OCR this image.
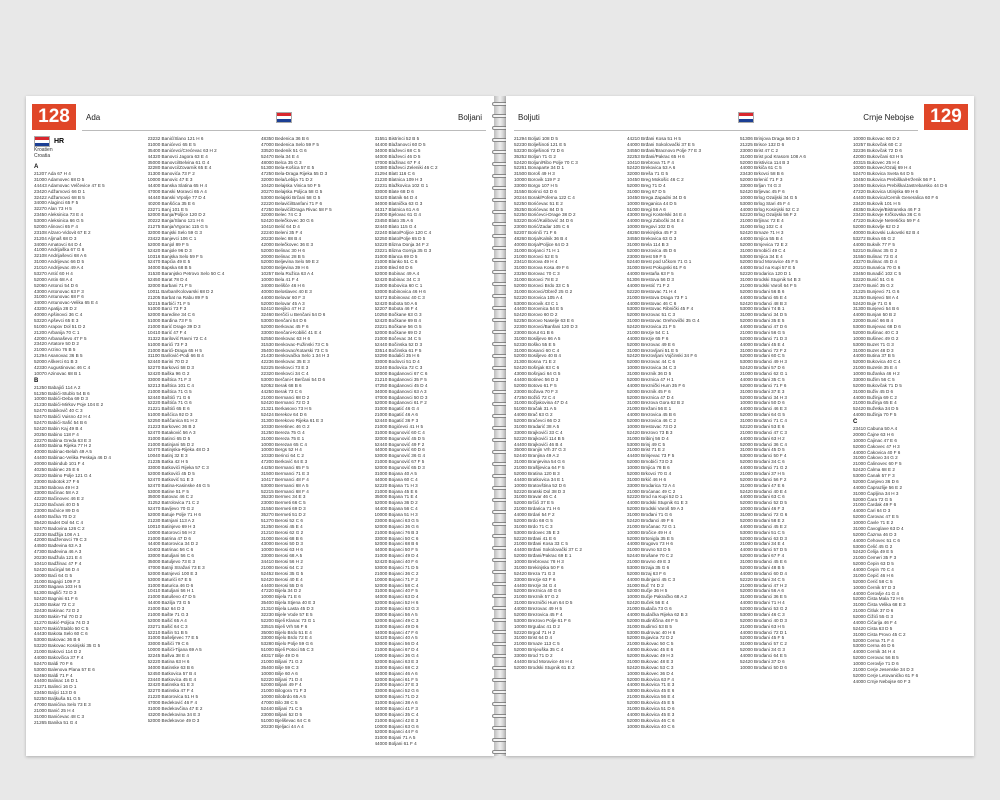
128	Ada	Boljani
HR
Kroatien
Croatia
A
21207 Ada 67 H 4
31000 Adamovec 68 D 5
44443 Adamovac Velčevice 47 E 5
23420 Adžamovci 66 D 1
32422 Adžamovci 68 B 5
34000 Alaginci 65 F 5
32270 Alan 73 H 5
23450 Aleksinica 73 E 4
53000 Aleksinica 66 G 5
52000 Alinovci 65 F 4
23108 Alzaro-Vidovit 67 E 2
21204 Aljmaš 68 D 3
34000 Amatovci 64 D 4
41000 Andrijaška 67 G 6
32108 Andrijaševci 68 A 6
31000 Andrijevac 66 D 5
21010 Andrijevac 49 A 4
53270 Antić 60 H 4
52000 Antin 68 A 4
52060 Antonci 54 D 6
43000 Antonovac 63 F 3
31000 Antunovac 68 F 6
34000 Antunovac-Velika 65 E 4
43200 Apatija 28 D 2
40000 Apšinovci 36 C 4
53220 Apševci 65 E 3
51000 Arapov Dol 51 D 2
21200 Arbanija 70 C 1
42000 Arbanaševo 47 F 5
23420 Artatore 50 D 2
21000 Arzino 76 B 5
21294 Asanovac 36 B 5
52000 Aškerci 61 B 3
42330 Augustinovac 46 C 4
10070 Azinovac 68 B 1
B
21250 Babajići 114 A 2
51250 Babići-Stublo 54 B 6
10000 Babići-Deba 69 D 3
21230 Babići-Mirkov Poje 104 E 2
52470 Babikoviĉ 40 C 3
52470 Babići Vuisno 42 H 4
52470 Babići-Safić 54 B 6
52420 Babin Kaj 49 B 4
20250 Babino 118 F 4
22270 Babina Greda 63 E 3
44400 Babina Rijeka 77 H 2
40000 Babinac-Belah 49 A 5
44400 Babinac-Velika Peskaja 46 D 4
20000 Babindub 101 F 4
40250 Babinec 25 E 6
20220 Babino Polje 121 G 4
23000 Babotok 27 F 6
31250 Babova 49 H 3
33000 Bačinac 58 A 2
42220 Bačinovec 46 E 2
21220 Bačvani 40 D 5
23000 Bačvice 89 D 6
44400 Bačka 70 D 2
35420 Badet Dol 64 C 4
52470 Badovina 126 C 2
22230 Badžija 108 A 1
42000 Badženovci 79 C 3
44500 Bađevina 63 A 3
47300 Bađevina 46 A 3
20230 Badžula 121 E 4
10410 Badžinac 47 F 4
52420 Baćinjal 56 D 4
10000 Baći 64 G 5
31000 Bagajci 109 F 3
21000 Bagava 103 H 5
51300 Bagliči 72 D 3
52420 Bagnini 61 F 6
21300 Bakar 72 C 2
32430 Bakinac 72 D 2
31000 Bakin-Tul 70 D 2
21270 Bakić-Poljica 74 D 3
52470 Bakić/Stablo 50 C 5
44430 Bakota Selo 60 C 6
53000 Bakovac 36 B 6
53220 Bakovac Kosinjski 35 G 5
21000 Bakovci 114 D 2
44000 Bakovčica 37 F 4
52470 Baldi 70 F 6
53000 Balenova Plana 57 E 6
52460 Baldi 71 F 4
44400 Balinac 16 D 1
21271 Balinci 16 D 1
23450 Baljci 113 D 6
52250 Baljkuša 51 G 5
47000 Banićina Selo 73 E 3
21000 Banić 25 H 4
31000 Banićevac 48 C 3
21265 Banika 51 G 4
23232 Banić/Slano 121 H 6
31000 Banićevci 65 E 5
35400 Banićevci/Crećevac 63 H 2
44320 Banovci Jagora 63 E 4
35000 Banovci/Belvina 61 G 4
32280 Banovci/Zovarnik 65 E 4
31300 Banovića 73 F 2
10000 Banovic 47 E 3
44400 Banska Slatina 65 H 4
47000 Banski Moravci 65 A 4
44440 Banski Vrpolje 77 D 4
40200 Banšćica 35 E 6
23271 Banj 101 E 5
52000 Banja/Poljice 120 D 2
20222 Banja/Slano 121 H 6
21275 Banja/Vrgorac 115 G 5
32000 Banjski Selo 59 G 3
23422 Banjevci 106 C 1
52000 Banjol 89 F 5
52420 Banjole 96 D 3
10316 Banjska Selo 59 F 5
52470 Bapćia 49 E 5
34000 Bapska 68 B 5
31530 Baranjsko Petrovo Selo 50 C 4
52450 Barat 78 D 4
32000 Barbani 71 F 5
10011 Barban/Kolovarski 68 D 2
21205 Barbat na Rabu 89 F 5
52215 Barbići 71 F 5
51000 Barci 73 F 3
52000 Baredine 34 C 6
51000 Bardina 73 F 5
21000 Barić Drage 39 D 3
10410 Barić 47 F 4
31322 Barilović Ravni 72 C 4
51000 Barići 73 F 3
21000 Barići-Draga 65 H 5
31100 Barilović-Podi 66 B 4
52440 Barini 70 D 2
52270 Barkovci 58 D 3
52420 Baška 96 G 2
33000 Baštica 71 F 3
52213 Baštica 101 C 4
21000 Baštica 71 G 5
52440 Baštići 71 G 6
52220 Baštića 71 G 6
21221 Baštići 65 E 6
51000 Bašćica 92 D 3
52250 Baščanica 81 H 2
21223 Barkovec 36 B 2
52470 Bataković 56 A 3
31000 Batinci 65 D 5
21000 Batinjani 55 D 2
52470 Batinjska-Rijeka 48 D 3
10040 Batinj 32 E 3
21235 Batka 42 H 5
33000 Batkovići Rijeka 57 C 3
52000 Batkovići 45 D 5
52470 Batković 51 E 3
52470 Batina-Kasinske 46 G 5
53000 Batine 51 F 5
35000 Batovac 46 C 2
31252 Batrolovica 71 C 2
52470 Bavljevo 70 G 2
52000 Batuje Polje 71 H 6
21230 Batnjani 113 A 2
10010 Batinjevo 69 H 3
10000 Batorovci 56 H 2
21000 Batrina 47 D 6
44400 Batorovica 34 D 2
10403 Batrinac 56 C 6
33000 Batuljani 56 C 6
35000 Batuljevo 73 E 3
47000 Batnji Stražari 73 E 3
52000 Batnjevci 100 E 3
53000 Baturići 67 E 5
31000 Baturica 46 D 6
10410 Batuljani 56 H 1
21000 Batuševo 47 D 5
44400 Bazilja 73 G 5
21000 Baz 64 D 3
21000 Bašte 71 G 3
52000 Bašić 65 A 4
23271 Bašić 64 C 3
52210 Bašin 51 B 5
31000 Bašeljevec 77 E 5
33000 Bašići 79 C 6
10000 Bašići-Tijana 69 A 5
32245 Bašva 38 E 4
52220 Batina 63 H 6
34000 Batinske 63 B 6
52450 Batkovica 57 B 4
23440 Batkovica 45 E 4
32420 Batinska 61 E 3
32270 Batinska 47 F 4
21220 Batorovica 51 H 5
47000 Bedeković 46 F 4
31000 Bedekovčina 47 E 2
43200 Bedekovina 34 E 3
52000 Bedekovoe 49 D 3
48350 Bedenica 36 B 6
47000 Bedenica Selo 59 F 5
33520 Bedenik 51 G 6
52470 Bela 34 E 4
48000 Belca 35 G 3
51300 Bela-Košica 57 E 5
47250 Bela-Draga Rijeka 55 D 3
32000 Bela/Lebija 71 D 2
10420 Belajska Vinica 50 F 5
20270 Belajska Poljica 58 G 5
53000 Belajski Brčani 58 G 5
22220 Belavići/Banfani 71 F 6
47250 Belavići/Draga Rivac 58 F 5
32000 Belec 74 C 3
52420 Belečkovec 30 G 6
10410 Belić 64 D 4
22240 Beleni 35 F 4
20230 Belec 88 B 4
42000 Belečkovec 36 E 3
52000 Belinac 30 H 6
20000 Belinac 28 B 5
52000 Beljevina Selo 59 E 2
52000 Beljevina 39 H 6
10257 Bela Ružica 63 A 4
10000 Bela 41 F 4
34000 Belišće 46 H 6
40000 Beloslavec 40 E 3
44000 Belovar 60 F 3
52000 Belovar 45 A 3
52410 Benjiko 47 H 2
32460 Berčići u Benčani 54 D 6
53000 Benčani 54 D 6
52000 Berkovac 45 F 6
33000 Benčani-Kobilić 41 E 4
52550 Benkovac 63 H 6
31530 Benkovac-Fužinski 73 C 5
35400 Benkovac/Kotarski 73 C 5
21430 Benkovačka Selo 1 34 H 3
42236 Benkovac 35 E 3
52225 Benkovci 73 E 3
22320 Benkovci 34 C 4
53000 Berčani-t Berčani 54 D 6
52052 Berak 68 B 6
44250 Berak 73 C 6
21000 Bermanci 68 D 2
52420 Bermanci 72 D 3
21321 Berkasovo 73 H 5
52424 Berekov 64 D 6
31300 Berekovo Rijeka 61 E 3
10330 Beretinec 46 G 2
31250 Bereza 75 G 4
31000 Bereza 75 E 1
10000 Berezan 65 C 4
10000 Bergs 52 H 4
10330 Berinci 64 C 2
47200 Berković 64 E 3
44250 Bermanci 65 F 5
31500 Bermanci 71 E 3
10417 Bermanci 48 F 4
53000 Bermanci 68 A 5
52215 Bermanci 68 F 4
35230 Bermec 34 E 3
23000 Bermeti 66 C 5
31550 Bermeti 69 D 3
35270 Bermeti 51 D 2
51270 Berosi 52 C 6
31250 Berosi 45 E 4
21210 Berosi 62 G 2
31000 Berosi 68 B 6
43000 Berosi 50 D 3
10000 Berosi 63 H 6
33000 Berosi 68 A 5
34410 Berosi 56 H 2
21000 Berosi 64 C 2
52452 Berosi 35 G 5
52420 Berosi 40 E 4
44400 Berosi 55 D 6
47220 Bijela 34 D 2
10000 Bijela 71 E 6
35400 Bijela Stjena 40 E 3
21310 Bijela Lasta 45 D 3
32230 Bijele Vode 57 E 5
52200 Bijeli Klanac 73 G 1
33515 Bijeli Vrh 56 F 6
35000 Bijelo Brdo 51 E 4
33000 Bijelo Brdo 72 E 4
53280 Bijelo Polje 59 G 6
51000 Bijeli Potoci 55 C 3
48317 Bilje 49 D 6
21000 Biljani 71 G 2
35400 Bilje 59 C 3
10000 Bilje 60 A 6
52220 Biljani 71 D 4
52000 Biljani 49 F 4
21000 Bilogora 71 F 3
10000 Bilobrdo 65 A 5
47000 Bilo 38 C 5
52440 Biljani 71 C 5
23000 Biljani 52 D 5
51000 Bjeliševac 64 C 6
20230 Bjeljaci 44 A 4
31551 Bistrinci 52 B 5
44400 Blažanovci 60 D 5
34000 Blaževci 68 C 5
44000 Blaževci 46 D 5
47000 Blažinac 67 F 4
10380 Blaževci Zeleniki 46 C 2
21294 Blatt 116 C 6
21230 Blatnica 109 H 3
22231 Blažkovica 102 G 1
33000 Blate 68 D 6
52420 Blatnik 64 D 4
34000 Blatnička 63 G 3
44317 Blatnica 61 A 6
21000 Bjelovac 61 G 4
23450 Blato 35 A 6
32440 Blato 115 G 4
22240 Blato/Poljice 120 C 4
52250 Blato/Polje 65 D 5
53220 Blizna Donja 34 F 2
23221 Blizna Gornja 35 G 3
31000 Blanca 69 D 5
21000 Blanko 51 C 6
21000 Bled 60 D 6
52000 Bobinac 49 A 4
52420 Bobinac 34 C 3
31000 Bobovica 60 C 1
53000 Bobinovica 46 H 6
52472 Bobinovac 40 C 3
52420 Bobota 50 A 6
52207 Bobota 46 F 4
10250 Bočkane 63 G 3
52420 Bočkane 69 B 4
23221 Bočkane 56 G 5
52000 Bočkane 69 D 2
21000 Bočevac 34 C 5
52440 Bočinska 52 D 3
33514 Bočinska 61 F 5
53290 Bodalići 35 H 6
33000 Bodovci 51 D 4
32240 Bodovica 72 C 3
52000 Bogdanovci 67 C 6
21210 Bogdanovci 35 F 5
47250 Bogdanovci 45 D 4
34000 Bogdanovci 63 A 3
47000 Bogdanovci 50 D 3
52000 Bogdanovci 61 F 2
31000 Bogatić 46 G 4
21000 Bogatić 46 A 6
52440 Bogatić 36 F 3
21000 Bogićevci 41 H 5
31000 Bogunović 60 C 4
32000 Bogunović 45 D 5
52440 Bogunović 49 F 2
44000 Bogunović 60 D 6
53000 Bogunović 36 G 4
21000 Bogunović 67 F 5
52000 Bogunović 65 D 3
31000 Bojana 40 A 5
44000 Bojana 60 C 4
52220 Bojana 71 H 3
21000 Bojana 45 E 6
35000 Bojana 71 E 4
52000 Bojana 36 D 2
44400 Bojana 56 C 4
10000 Bojana 51 H 3
23000 Bojanci 63 G 5
52000 Bojanci 36 G 6
21000 Bojanci 76 B 3
33000 Bojanci 50 C 6
52000 Bojanci 68 B 6
44000 Bojanci 50 F 5
31000 Bojanci 49 D 4
52420 Bojanci 40 F 6
53000 Bojanci 71 D 5
21000 Bojanci 36 C 2
10000 Bojanci 71 F 2
52000 Bojanci 58 C 4
31000 Bojanci 40 F 5
44000 Bojanci 63 D 4
52000 Bojanci 52 H 6
21000 Bojanci 63 G 3
33000 Bojanci 56 A 5
52000 Bojanci 49 C 3
31000 Bojanci 49 D 6
44000 Bojanci 47 F 6
52420 Bojanci 40 A 5
53000 Bojanci 56 D 4
21000 Bojanci 67 D 4
10000 Bojanci 36 G 4
52000 Bojanci 63 E 3
31000 Bojanci 68 C 2
44000 Bojanci 46 A 6
52000 Bojanci 61 F 5
21000 Bojanci 37 E 3
33000 Bojanci 52 G 6
52000 Bojanci 71 D 2
31000 Bojanci 38 A 6
44000 Bojanci 41 F 3
52000 Bojanci 35 C 4
21000 Bojanci 42 E 3
10000 Bojanci 63 G 6
52000 Bojanci 44 F 6
31000 Bojani 71 A 5
44000 Boljani 61 F 4
129
Boljuti	Crnje Nebojse
21294 Boljuti 108 D 5
52230 Bolješinoti 121 E 5
53230 Bolješinoti 72 D 6
35252 Boljun 71 G 2
52420 Boljun/Ribo Polje 70 C 3
52261 Bonaparte 34 D 1
31500 Boroš 49 H 3
10000 Borovik 119 F 2
33000 Borgo 107 H 5
31550 Borinci 63 D 6
20244 Borak/Poferna 122 C 4
52250 Borićevac 51 E 2
35250 Borićevac 84 D 5
52250 Borićevci-Drage 38 D 2
53220 Borić/Kalibović 34 D 6
23000 Borić/Zadar 105 C 6
52207 Borinči 71 F 6
48260 Borja/Kalnik 36 B 4
40000 Borja/Poljice 64 D 3
31000 Borjanci 71 H 1
21000 Borovci 52 E 5
23410 Borova 49 H 4
31000 Borova Kosa 49 F 6
23250 Borovac 70 C 3
31000 Borovci 78 E 2
52000 Borovci Brdo 33 C 5
31000 Borovci/Obrež 25 G 2
52220 Borovica 105 A 4
53000 Borovik 43 C 1
44400 Borovnica 54 E 5
52420 Borovo 60 D 2
52250 Borovo Naselje 63 E 6
22300 Borovci/Banfani 120 D 3
23000 Borut 61 B 6
31000 Bosiljevo 66 A 5
52330 Boško 55 E 5
31000 Bosanci 60 C 4
52000 Bosiljevo 40 B 4
21300 Bosna 71 E 2
52420 Bošnjak 83 C 6
43000 Bošnjaci 64 G 5
44400 Botinec 56 D 3
52000 Botovo 61 F 5
23000 Božava 70 F 3
47250 Božići 72 C 4
31000 Božjakovina 47 D 4
51000 Bračak 31 A 5
44000 Brač 63 G 2
52000 Bračevci 66 D 2
31000 Bradarić 38 A 5
33000 Brajkovići 33 C 4
52220 Brajkovići 114 B 5
44400 Brajkovići 46 B 4
35000 Branjin Vrh 37 G 3
52440 Branjina 49 A 2
31000 Branjevina 54 G 6
21000 Brašljevica 64 F 5
52000 Bratina 120 B 3
44400 Bratkovica 34 E 1
10000 Bratovština 52 D 6
52220 Bratski Dol 38 D 3
31000 Bravar 46 C 4
52000 Brčići 37 E 5
21000 Brdarica 71 H 6
44000 Brdari 54 F 2
52000 Brdo 68 G 5
31000 Brdo 71 C 3
53000 Brdovec 35 E 3
52220 Brđani 41 E 6
21000 Brđani Kosa 33 C 5
44400 Brđani Sokolovački 37 C 2
52000 Brđani/Pakrac 69 E 1
10000 Brebrovac 78 H 3
31000 Brekinjska 50 F 6
52420 Breza 71 G 3
33000 Brezje 63 F 6
44400 Brezje 34 G 4
52000 Breznica 40 G 6
21000 Breznik 57 G 2
31000 Breznički Hum 64 D 5
44000 Brezovac 49 H 5
52000 Brezovica 45 F 4
53000 Brezovo Polje 61 F 6
10000 Brgudac 41 D 2
52220 Brgod 71 H 2
31000 Brist 64 D 4
21000 Brnaze 113 C 5
52000 Brnjeuška 35 C 4
33000 Brod 71 D 2
44400 Brod Moravice 46 H 4
52000 Brodski Stupnik 61 E 2
44210 Brđani Kosa 51 H 5
44000 Brđani Sokolovački 37 E 5
34550 Brđani/Bracnovo Polje 77 E 3
32253 Brđani/Pakrac 65 H 6
10410 Brebrova 71 F 4
52420 Brekovica 53 A 6
32000 Breša 71 G 5
10450 Breg Mokošic 46 C 2
52000 Breg 71 D 4
31000 Breg 67 D 5
10450 Brega Zapadni 34 D 6
10000 Breganica 44 D 5
51000 Bregi 56 A 6
43000 Bregi Kostelski 34 E 4
44000 Bregi Zabočki 34 E 4
10000 Bregovi 102 D 6
48260 Brekinjska 45 F 3
34550 Brekovica 63 G 3
31000 Brela 114 B 3
52000 Brezovica 45 D 6
23000 Brest 59 F 5
52440 Brest pod Učkom 71 G 1
31000 Brest Pokupski 61 F 6
44000 Brestaña 63 F 5
51306 Brestova 56 D 3
44000 Brestić 71 F 2
52220 Brestovac 71 H 4
21000 Brestova Draga 73 F 1
44000 Brestovac 46 C 6
53000 Brestovac Ribnički 45 F 4
52000 Brezovac 51 C 3
31000 Brestovac Orehovički 35 G 4
52420 Brezovica 21 F 5
21000 Brezje 54 C 1
44000 Brezje 65 F 6
52000 Brezovac 49 E 6
31000 Brezovljani 51 E 5
52420 Brezovljani Vojčinski 34 F 6
52000 Brezovac 44 C 6
10000 Brezovica 34 C 3
31000 Breznik 36 D 5
52000 Breznica 47 H 1
44000 Breznički Hum 35 F 6
52000 Breznik 45 F 6
52000 Breznica 47 D 4
31000 Brezova Gora 62 B 2
21000 Brežani 56 E 1
44000 Brezovica 45 B 6
52000 Brezovica 46 C 2
10000 Brestovac 73 D 2
52420 Brezovo 73 B 3
31000 Bribinj 56 D 4
53000 Brinj 49 C 5
21000 Brist 71 E 2
44400 Brinjevac 73 F 5
52000 Brnobići 73 D 3
10000 Brnjica 78 B 6
52000 Brkovci 70 G 4
31000 Brkić 46 H 6
33000 Brodarica 72 A 4
21000 Broćanac 49 C 2
52220 Brod na Kupi 52 D 1
44000 Brodski Stupnik 61 E 3
52000 Brodski Varoš 59 A 3
31000 Brođani 71 G 6
52420 Brođanci 49 F 6
21000 Bročanac 72 G 1
10000 Bročice 49 H 4
52000 Brtonigla 35 E 5
44000 Brugovo 73 H 6
31000 Bruvno 53 D 5
52440 Brušane 70 C 2
21000 Bruvno 49 E 3
53000 Brzaja 35 G 6
52000 Brzaj 63 F 6
44000 Bubnjarci 45 C 3
31000 Buč 74 D 2
52000 Bučje 36 H 5
10000 Bučje Pakračko 68 A 2
52420 Buček 56 E 4
21000 Budača 73 G 6
44000 Budačka Rijeka 62 B 3
52000 Budinščina 48 F 5
31000 Budimci 53 B 5
53000 Budrovac 40 H 6
52000 Bujavica 72 D 2
21000 Bukovac 50 C 5
44000 Bukovac 45 E 6
52000 Bukovac 49 H 3
31000 Bukovac 48 E 3
52420 Bukovac 53 C 3
10000 Bukovec 36 D 4
52000 Bukovica 63 F 4
44000 Bukovica 71 E 3
53000 Bukovica 45 E 6
21000 Bukovica 56 E 4
52000 Bukovica 45 E 5
31000 Bukovica 51 D 6
44000 Bukovica 45 E 3
52000 Bukovica 46 C 6
10000 Bukovica 40 C 6
51306 Brinjova Draga 56 D 3
21225 Brisce 132 D 6
23000 Brist 47 C 2
31000 Brist pod Krasom 108 A 6
52000 Bristivica 114 B 3
44000 Brkiča 61 C 5
23430 Brkovci 58 B 6
52000 Brlenić 71 F 3
33000 Brljan 74 G 3
52420 Brljevac 45 F 6
10000 Brlog Ozaljski 34 G 5
53000 Brlog Stari 45 F 4
44000 Brlog Kosinjski 52 C 2
52220 Brlog Ozaljski 56 F 2
21000 Brljinac 72 E 4
31000 Brlog 102 C 4
52420 Brnaze 71 H 3
44000 Brnjica 55 B 4
52000 Brnjevica 72 E 2
31000 Brnobići 49 C 4
53000 Brnjica 34 E 4
52000 Brod Moravice 45 F 5
44000 Brod na Kupi 57 E 5
52220 Brodarica 120 D 1
31000 Brodski Stupnik 54 B 3
21000 Brodski Varoš 64 F 5
52000 Brođani 56 B 6
44000 Brođanci 65 E 4
52420 Brođanci 48 B 3
53000 Brođani 74 B 1
31000 Brođanci 34 D 5
52000 Brođani 35 E 5
44000 Brođanci 47 D 6
21000 Brođani 56 G 5
52000 Brođanci 71 D 3
44000 Brođani 45 E 4
31000 Brođanci 72 F 2
52000 Brođani 60 C 5
53000 Brođanci 49 H 3
52420 Brođani 57 D 6
21000 Brođanci 62 G 1
44000 Brođani 35 C 5
52000 Brođanci 71 F 6
31000 Brođani 37 E 3
52000 Brođanci 34 H 3
10000 Brođani 50 D 6
44000 Brođanci 46 E 3
52000 Brođani 64 G 5
31000 Brođanci 71 C 4
52220 Brođani 53 E 6
21000 Brođanci 47 C 3
44000 Brođani 63 H 2
52000 Brođanci 36 C 4
31000 Brođani 45 D 5
53000 Brođanci 50 F 4
52000 Brođani 34 C 6
44000 Brođanci 71 G 2
21000 Brođani 37 H 5
52000 Brođanci 56 F 2
31000 Brođani 47 E 6
52420 Brođanci 40 E 4
44000 Brođani 63 C 6
52000 Brođanci 52 D 5
10000 Brođani 46 F 3
31000 Brođanci 72 G 6
52000 Brođani 58 E 2
44000 Brođanci 45 E 2
53000 Brođani 51 C 5
52000 Brođanci 63 D 3
21000 Brođani 34 E 4
44000 Brođanci 57 D 5
52000 Brođani 67 F 4
31000 Brođanci 45 E 6
52000 Brođani 48 B 5
44000 Brođanci 60 D 4
52220 Brođani 34 C 5
21000 Brođanci 47 H 2
52000 Brođani 56 A 6
31000 Brođanci 36 E 5
44000 Brođani 71 H 4
52000 Brođanci 53 G 2
53000 Brođani 46 C 3
52000 Brođanci 40 D 3
21000 Brođani 63 H 5
44000 Brođanci 72 D 1
52000 Brođani 45 F 5
31000 Brođanci 57 C 2
52000 Brođani 34 G 3
44000 Brođanci 64 E 5
52420 Brođani 37 D 6
10000 Brođanci 50 D 6
10000 Bukovac 60 D 2
10257 Bukovčak 60 C 2
32236 Bukovčak 72 D 6
42000 Bukovčani 63 H 5
40315 Bukovec 25 H 4
10000 Bukovec/Ozalj 69 H 4
52470 Bukovica Sveta 64 D 5
10450 Bukovica Prebiška/Hrženik 56 F 1
10450 Bukovica Prebiška/Jastrebarsko 44 D 6
47220 Bukovica Utinjska 69 H 6
44400 Bukovica/Cernik Generalica 60 F 6
23420 Bukovik 101 H 5
48350 Bukovje/Bistranska 46 F 3
23420 Bukovje Krčkovska 36 C 6
47220 Bukovje Netretićko 59 F 4
52000 Bukovlje 62 D 2
40000 Bukovski Lukovski 62 B 4
53272 Bukva 65 G 2
44000 Bukvik 77 F 5
52210 Bulinac 35 G 2
31550 Bulinac 73 G 4
43270 Bulinac 45 D 4
20210 Bunarica 70 G 6
23450 Bunadić 102 C 5
52220 Bunić 51 G 6
23470 Bunić 35 G 2
21225 Bunjevci 71 G 6
31250 Bunjevci 58 A 4
52420 Buje 71 G 6
31300 Bunjevci 54 B 6
44000 Bunjan 50 B 2
22000 Bunić 66 B 4
53000 Bunjevac 68 D 6
52000 Bušinac 40 C 3
10000 Bušinec 49 G 2
53000 Buzet 71 G 3
31000 Buzet 48 D 3
44000 Butina 37 B 5
52000 Bukovica 40 C 4
21000 Buzetin 35 E 4
10000 Bužanka 46 H 2
33000 Bužim 56 C 5
52000 Bukovčak 71 D 5
31000 Buživ 45 D 6
44000 Bužinja 69 C 2
21000 Bužinja 65 E 4
52420 Bužetka 34 D 5
44000 Bužinja 70 F 5
C
23410 Cabuna 50 A 4
20000 Čajne 63 H 6
10000 Čajinac 47 E 6
52000 Čakovec 47 H 3
44000 Čakovica 40 F 6
31000 Čakovo 34 G 2
21000 Čalinovec 60 F 5
52420 Čalma 68 E 2
53000 Čanak 57 F 3
52000 Čanjevo 36 D 6
44000 Čaprazlije 56 E 2
31000 Čapljina 34 H 3
52000 Čara 72 G 5
21000 Čardak 49 F 6
44000 Čari 64 D 3
52000 Čarovac 47 E 5
10000 Čavle 71 E 2
31000 Čavoglave 63 D 4
52000 Čazma 46 D 3
44000 Čehovec 51 C 6
53000 Čelić 45 G 2
52420 Čelija 49 E 5
21000 Čemeri 35 F 3
52000 Čepin 63 D 5
44000 Čepin 70 C 4
31000 Čepić 46 H 6
52000 Čerić 58 C 5
10000 Černik 57 D 3
44000 Čerovlje 41 G 4
52000 Čista Mala 72 H 6
31000 Čista Velika 68 E 3
21000 Čitluk 37 D 6
52000 Čižići 55 G 3
44000 Čičarija 46 F 4
52420 Cista 63 D 5
31000 Cista Provo 45 C 2
52000 Cerna 71 F 4
53000 Cerna 46 D 6
44000 Cernik 34 H 4
52000 Cerovac 56 B 5
10000 Cerovlje 71 D 6
21000 Cerje Jesenske 34 D 3
52000 Cerje Letovanićko 61 F 6
44000 Crnje Nebojse 60 F 3
